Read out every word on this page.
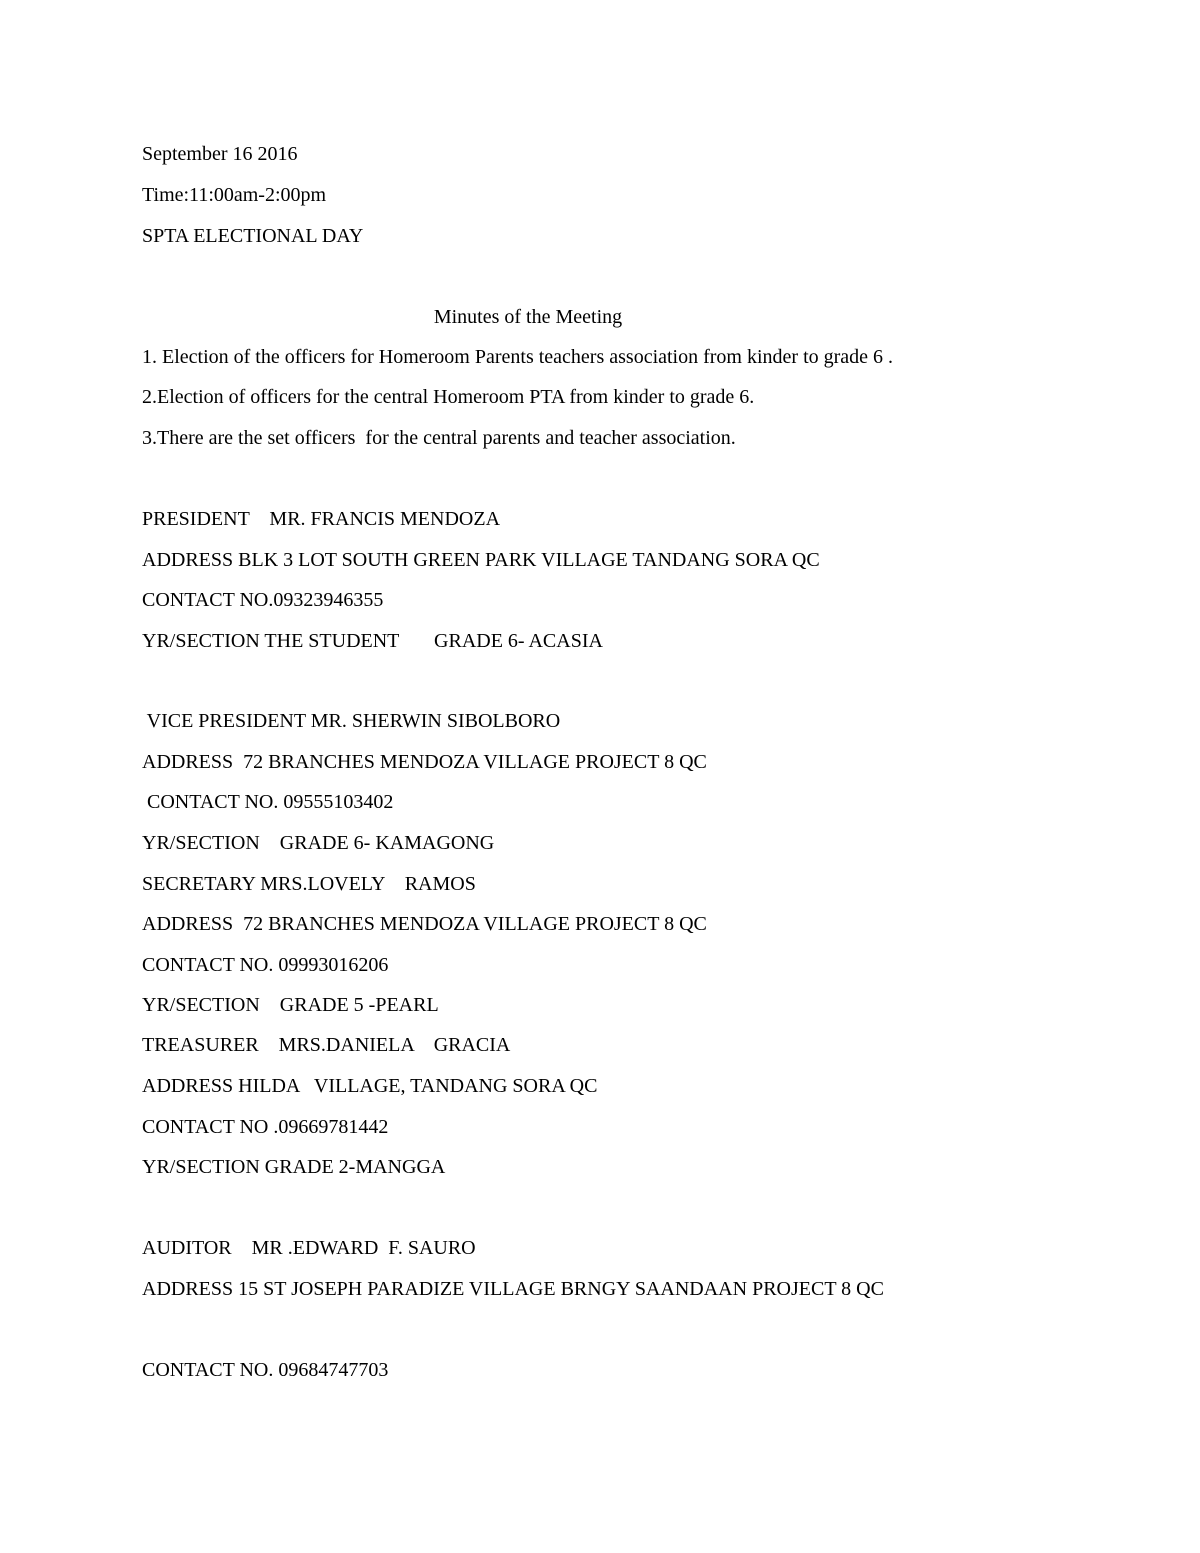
September 16 2016
Time:11:00am-2:00pm
SPTA ELECTIONAL DAY
Minutes of the Meeting
1. Election of the officers for Homeroom Parents teachers association from kinder to grade 6 .
2.Election of officers for the central Homeroom PTA from kinder to grade 6.
3.There are the set officers  for the central parents and teacher association.
PRESIDENT    MR. FRANCIS MENDOZA
ADDRESS BLK 3 LOT SOUTH GREEN PARK VILLAGE TANDANG SORA QC
CONTACT NO.09323946355
YR/SECTION THE STUDENT       GRADE 6- ACASIA
VICE PRESIDENT MR. SHERWIN SIBOLBORO
ADDRESS  72 BRANCHES MENDOZA VILLAGE PROJECT 8 QC
CONTACT NO. 09555103402
YR/SECTION    GRADE 6- KAMAGONG
SECRETARY MRS.LOVELY    RAMOS
ADDRESS  72 BRANCHES MENDOZA VILLAGE PROJECT 8 QC
CONTACT NO. 09993016206
YR/SECTION    GRADE 5 -PEARL
TREASURER    MRS.DANIELA    GRACIA
ADDRESS HILDA   VILLAGE, TANDANG SORA QC
CONTACT NO .09669781442
YR/SECTION GRADE 2-MANGGA
AUDITOR    MR .EDWARD  F. SAURO
ADDRESS 15 ST JOSEPH PARADIZE VILLAGE BRNGY SAANDAAN PROJECT 8 QC
CONTACT NO. 09684747703
